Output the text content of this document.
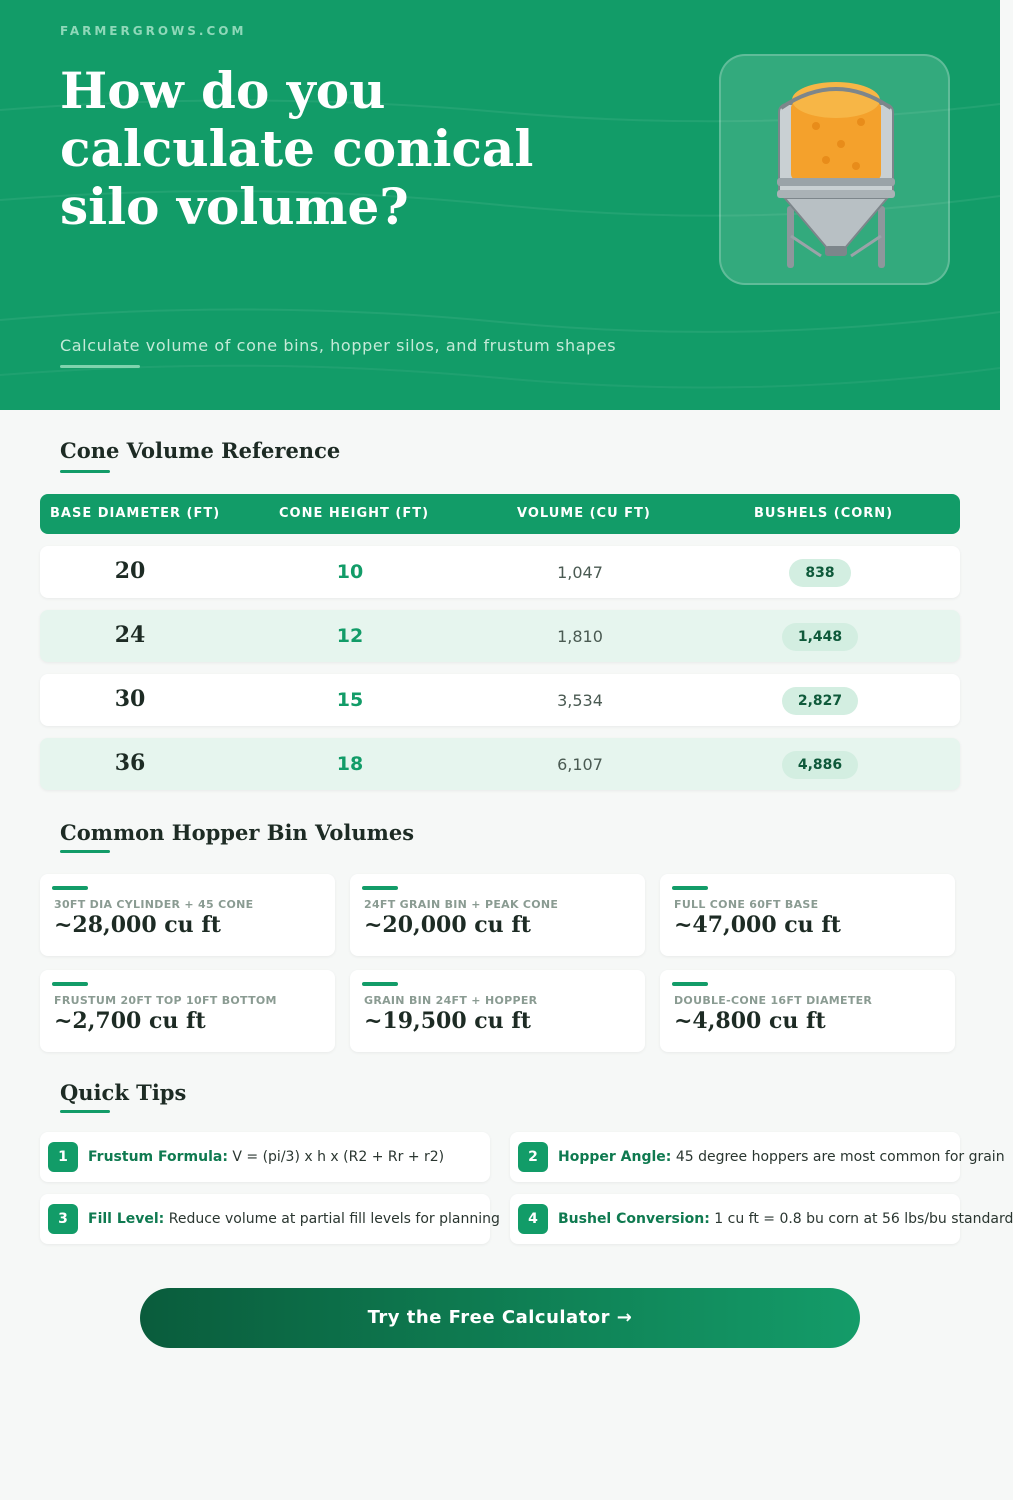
FARMERGROWS.COM
How do you calculate conical silo volume?
Calculate volume of cone bins, hopper silos, and frustum shapes
Cone Volume Reference
BASE DIAMETER (FT)	CONE HEIGHT (FT)	VOLUME (CU FT)	BUSHELS (CORN)
20	10	1,047	838
24	12	1,810	1,448
30	15	3,534	2,827
36	18	6,107	4,886
Common Hopper Bin Volumes
30FT DIA CYLINDER + 45 CONE
~28,000 cu ft
24FT GRAIN BIN + PEAK CONE
~20,000 cu ft
FULL CONE 60FT BASE
~47,000 cu ft
FRUSTUM 20FT TOP 10FT BOTTOM
~2,700 cu ft
GRAIN BIN 24FT + HOPPER
~19,500 cu ft
DOUBLE-CONE 16FT DIAMETER
~4,800 cu ft
Quick Tips
1	Frustum Formula: V = (pi/3) x h x (R2 + Rr + r2)	2	Hopper Angle: 45 degree hoppers are most common for grain
3	Fill Level: Reduce volume at partial fill levels for planning	4	Bushel Conversion: 1 cu ft = 0.8 bu corn at 56 lbs/bu standard
Try the Free Calculator →
